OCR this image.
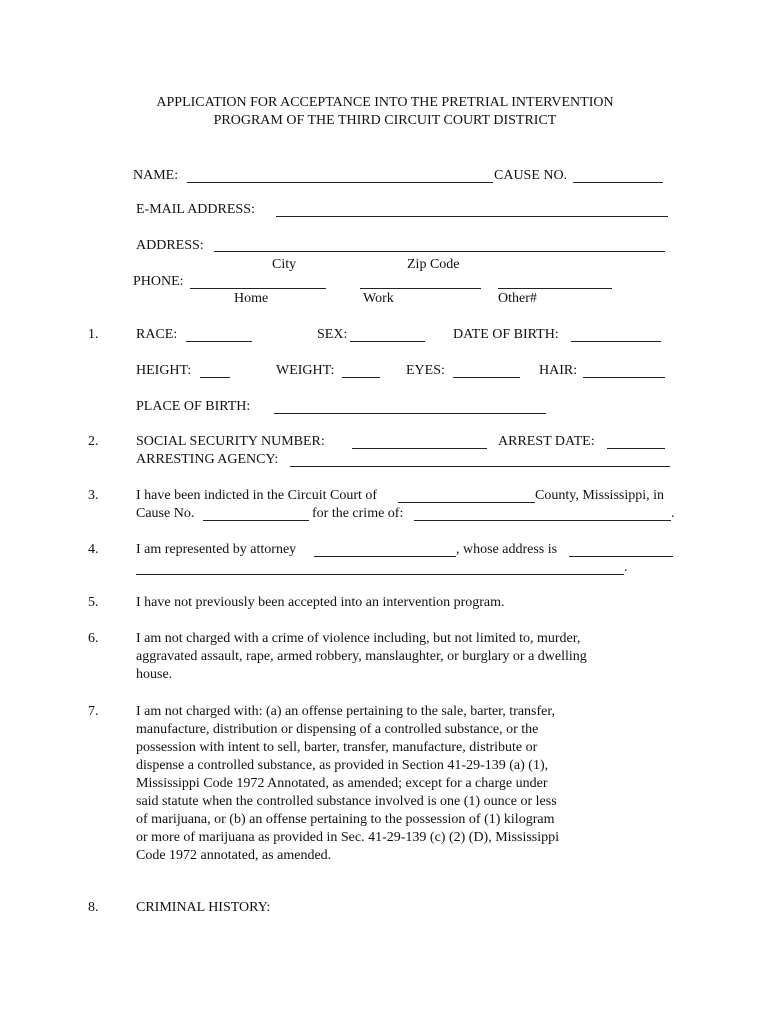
APPLICATION FOR ACCEPTANCE INTO THE PRETRIAL INTERVENTION
PROGRAM OF THE THIRD CIRCUIT COURT DISTRICT
NAME:	CAUSE NO.
E-MAIL ADDRESS:
ADDRESS:
City	Zip Code
PHONE:
Home	Work	Other#
1.	RACE:	SEX:	DATE OF BIRTH:
HEIGHT:	WEIGHT:	EYES:	HAIR:
PLACE OF BIRTH:
2.	SOCIAL SECURITY NUMBER:	ARREST DATE:
ARRESTING AGENCY:
3.	I have been indicted in the Circuit Court of	County, Mississippi, in
Cause No.	for the crime of:	.
4.	I am represented by attorney	, whose address is
.
5.	I have not previously been accepted into an intervention program.
6.	I am not charged with a crime of violence including, but not limited to, murder,
aggravated assault, rape, armed robbery, manslaughter, or burglary or a dwelling
house.
7.	I am not charged with: (a) an offense pertaining to the sale, barter, transfer,
manufacture, distribution or dispensing of a controlled substance, or the
possession with intent to sell, barter, transfer, manufacture, distribute or
dispense a controlled substance, as provided in Section 41-29-139 (a) (1),
Mississippi Code 1972 Annotated, as amended; except for a charge under
said statute when the controlled substance involved is one (1) ounce or less
of marijuana, or (b) an offense pertaining to the possession of (1) kilogram
or more of marijuana as provided in Sec. 41-29-139 (c) (2) (D), Mississippi
Code 1972 annotated, as amended.
8.	CRIMINAL HISTORY:
